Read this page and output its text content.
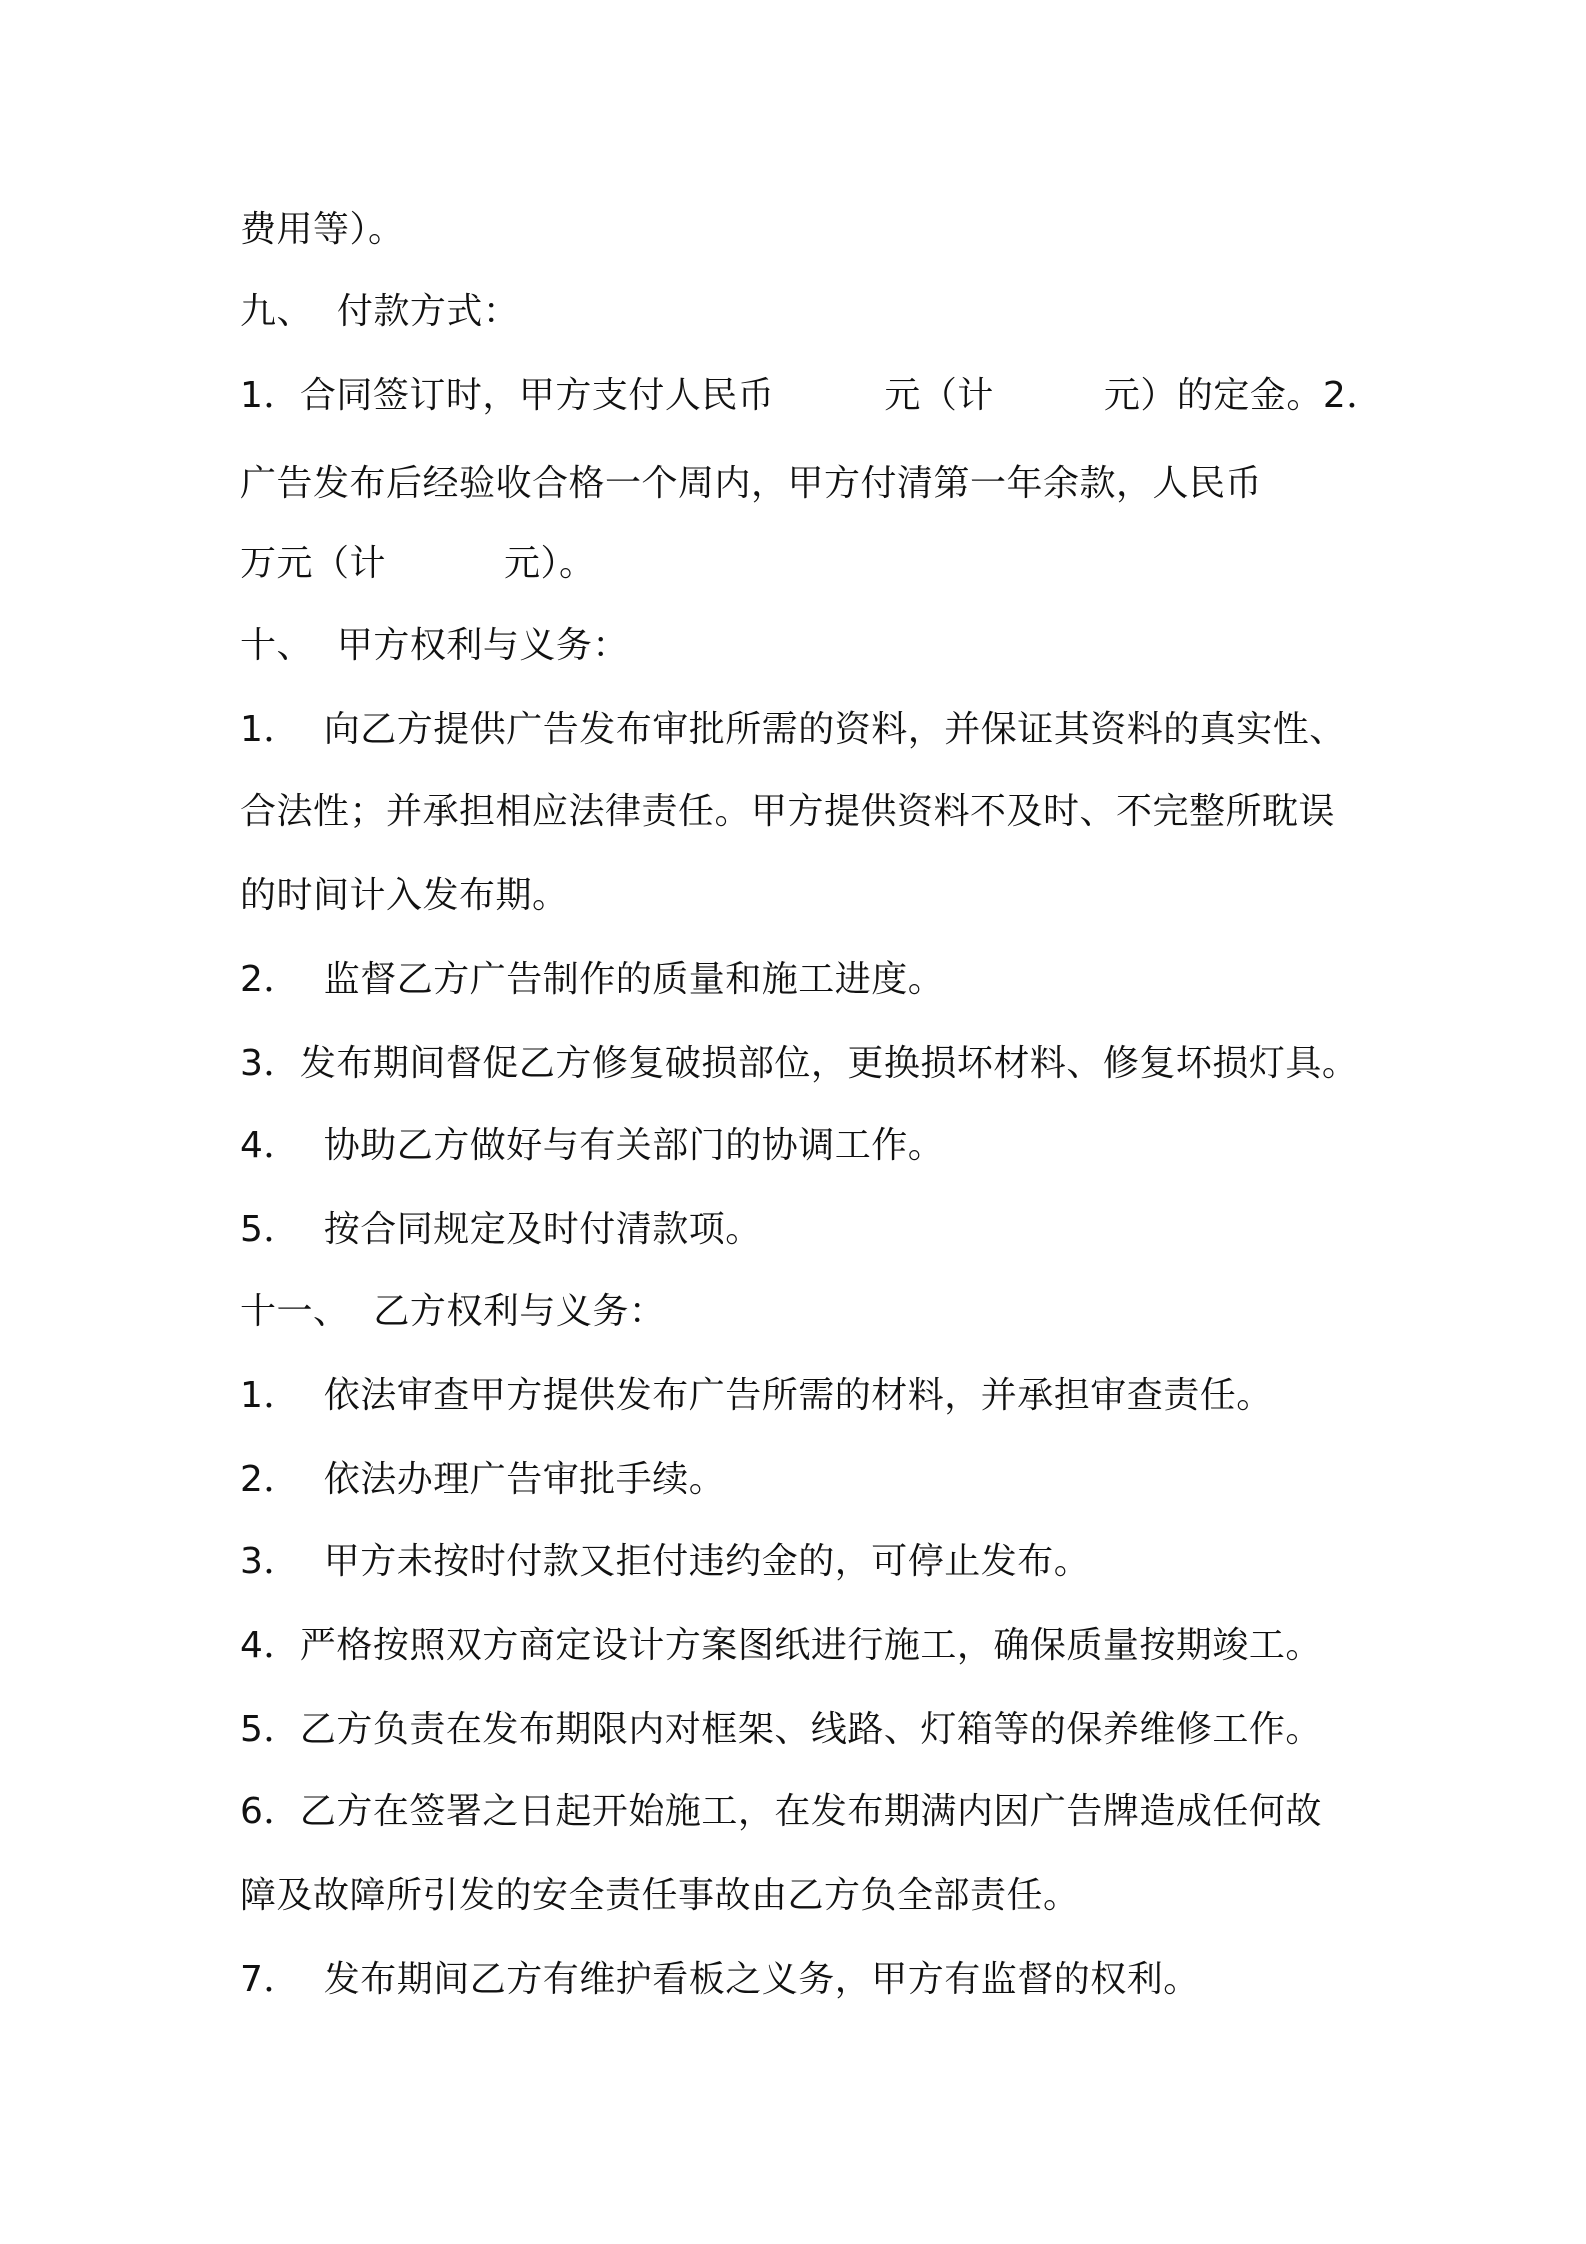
费用等）。
九、  付款方式：
1．合同签订时，甲方支付人民币	元（计	元）的定金。2．
广告发布后经验收合格一个周内，甲方付清第一年余款，人民币
万元（计	元）。
十、  甲方权利与义务：
1．  向乙方提供广告发布审批所需的资料，并保证其资料的真实性、
合法性；并承担相应法律责任。甲方提供资料不及时、不完整所耽误
的时间计入发布期。
2．  监督乙方广告制作的质量和施工进度。
3．发布期间督促乙方修复破损部位，更换损坏材料、修复坏损灯具。
4．  协助乙方做好与有关部门的协调工作。
5．  按合同规定及时付清款项。
十一、  乙方权利与义务：
1．  依法审查甲方提供发布广告所需的材料，并承担审查责任。
2．  依法办理广告审批手续。
3．  甲方未按时付款又拒付违约金的，可停止发布。
4．严格按照双方商定设计方案图纸进行施工，确保质量按期竣工。
5．乙方负责在发布期限内对框架、线路、灯箱等的保养维修工作。
6．乙方在签署之日起开始施工，在发布期满内因广告牌造成任何故
障及故障所引发的安全责任事故由乙方负全部责任。
7．  发布期间乙方有维护看板之义务，甲方有监督的权利。
